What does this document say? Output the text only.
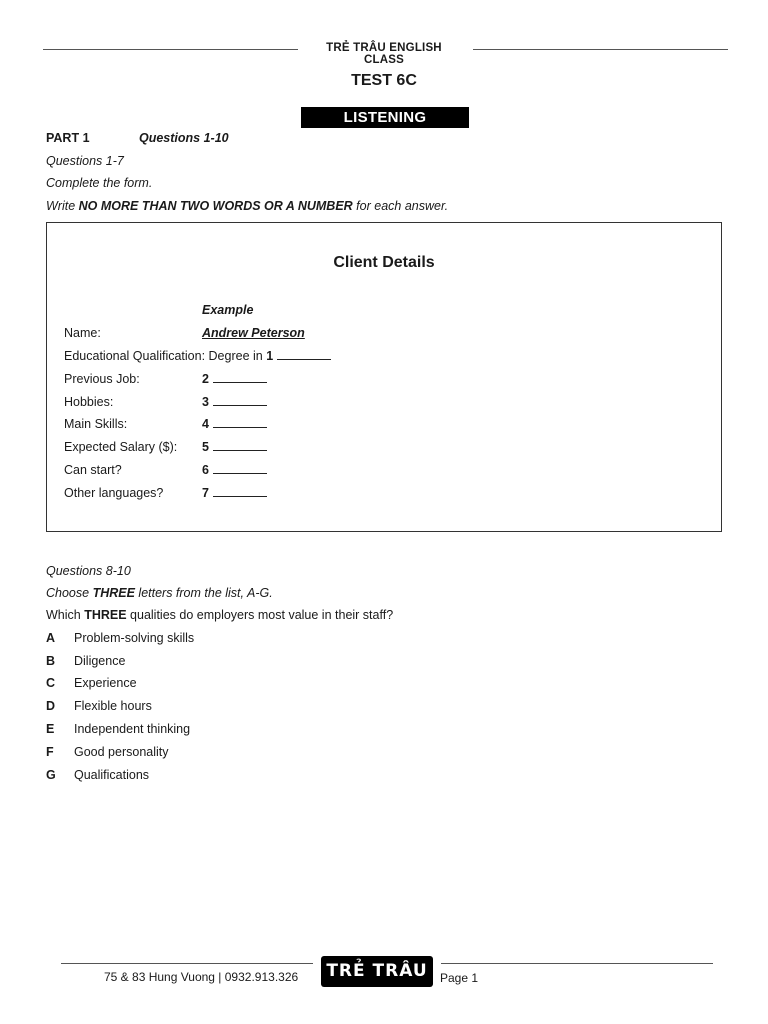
TRẺ TRÂU ENGLISH CLASS
TEST 6C
LISTENING
PART 1	Questions 1-10
Questions 1-7
Complete the form.
Write NO MORE THAN TWO WORDS OR A NUMBER for each answer.
Client Details
Example
Name:	Andrew Peterson
Educational Qualification: Degree in 1
Previous Job:	2
Hobbies:	3
Main Skills:	4
Expected Salary ($): 5
Can start?	6
Other languages?	7
Questions 8-10
Choose THREE letters from the list, A-G.
Which THREE qualities do employers most value in their staff?
A Problem-solving skills
B Diligence
C Experience
D Flexible hours
E Independent thinking
F Good personality
G Qualifications
75 & 83 Hung Vuong | 0932.913.326	TRẺ TRÂU	Page 1
